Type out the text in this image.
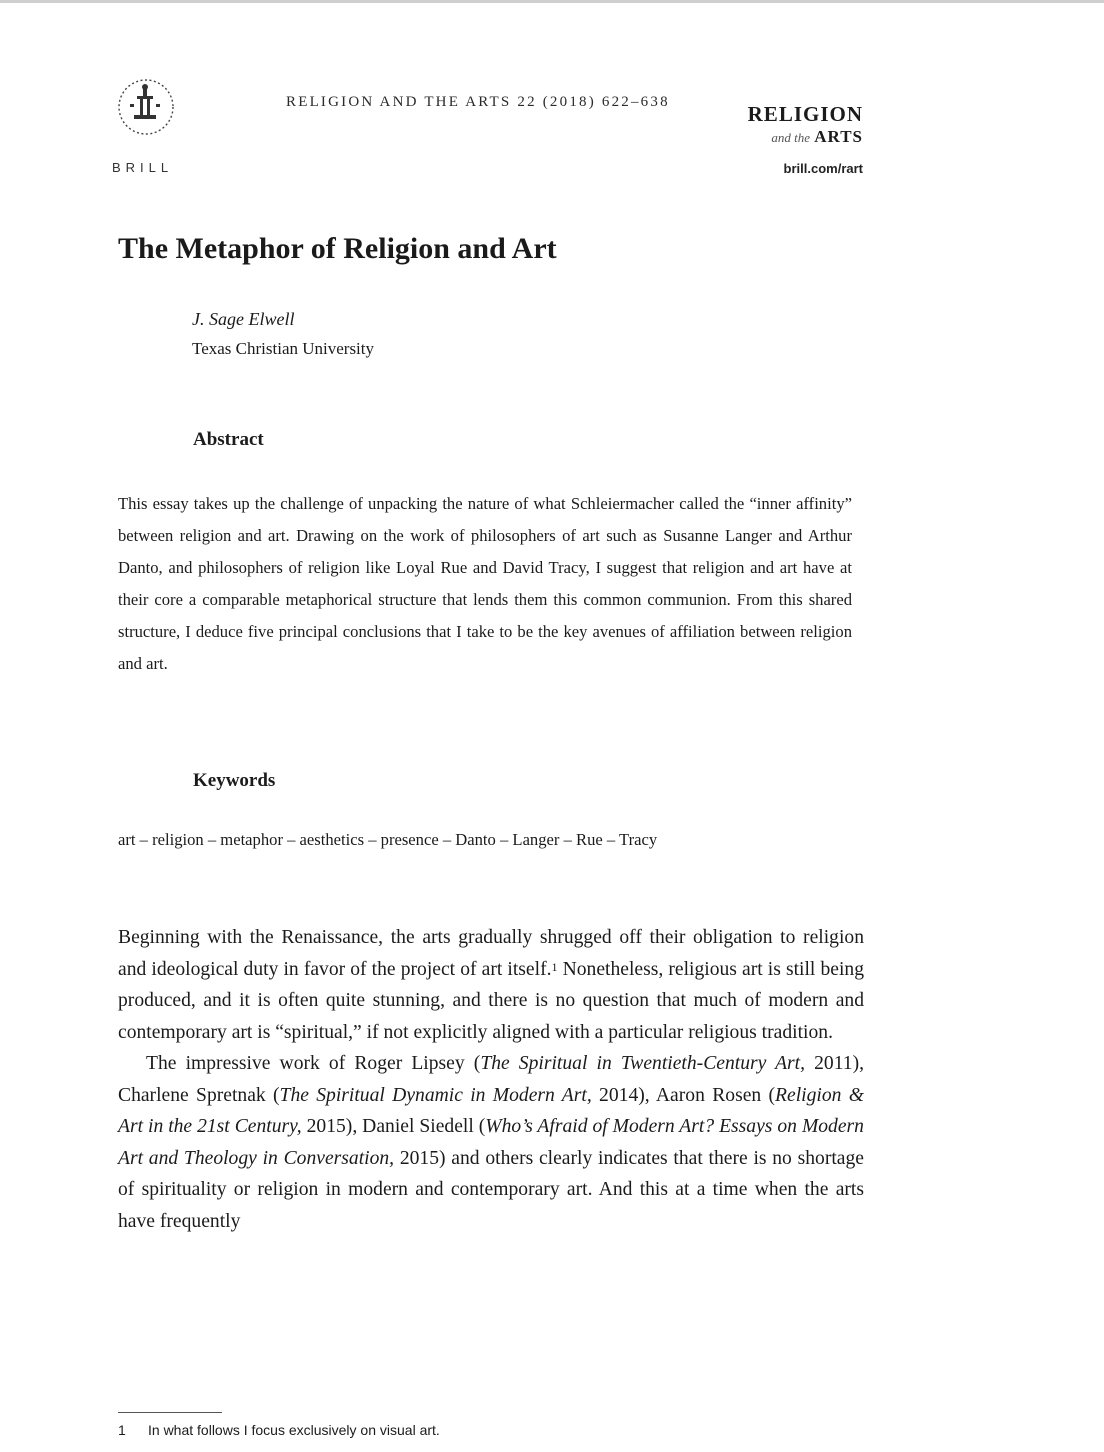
BRILL
RELIGION AND THE ARTS 22 (2018) 622–638	RELIGION
and the ARTS
brill.com/rart
The Metaphor of Religion and Art
J. Sage Elwell
Texas Christian University
Abstract
This essay takes up the challenge of unpacking the nature of what Schleiermacher called the “inner affinity” between religion and art. Drawing on the work of philosophers of art such as Susanne Langer and Arthur Danto, and philosophers of religion like Loyal Rue and David Tracy, I suggest that religion and art have at their core a comparable metaphorical structure that lends them this common communion. From this shared structure, I deduce five principal conclusions that I take to be the key avenues of affiliation between religion and art.
Keywords
art – religion – metaphor – aesthetics – presence – Danto – Langer – Rue – Tracy

Beginning with the Renaissance, the arts gradually shrugged off their obligation to religion and ideological duty in favor of the project of art itself.$^1$ Nonetheless, religious art is still being produced, and it is often quite stunning, and there is no question that much of modern and contemporary art is “spiritual,” if not explicitly aligned with a particular religious tradition.

The impressive work of Roger Lipsey (The Spiritual in Twentieth-Century Art, 2011), Charlene Spretnak (The Spiritual Dynamic in Modern Art, 2014), Aaron Rosen (Religion & Art in the 21st Century, 2015), Daniel Siedell (Who’s Afraid of Modern Art? Essays on Modern Art and Theology in Conversation, 2015) and others clearly indicates that there is no shortage of spirituality or religion in modern and contemporary art. And this at a time when the arts have frequently

1 In what follows I focus exclusively on visual art.
